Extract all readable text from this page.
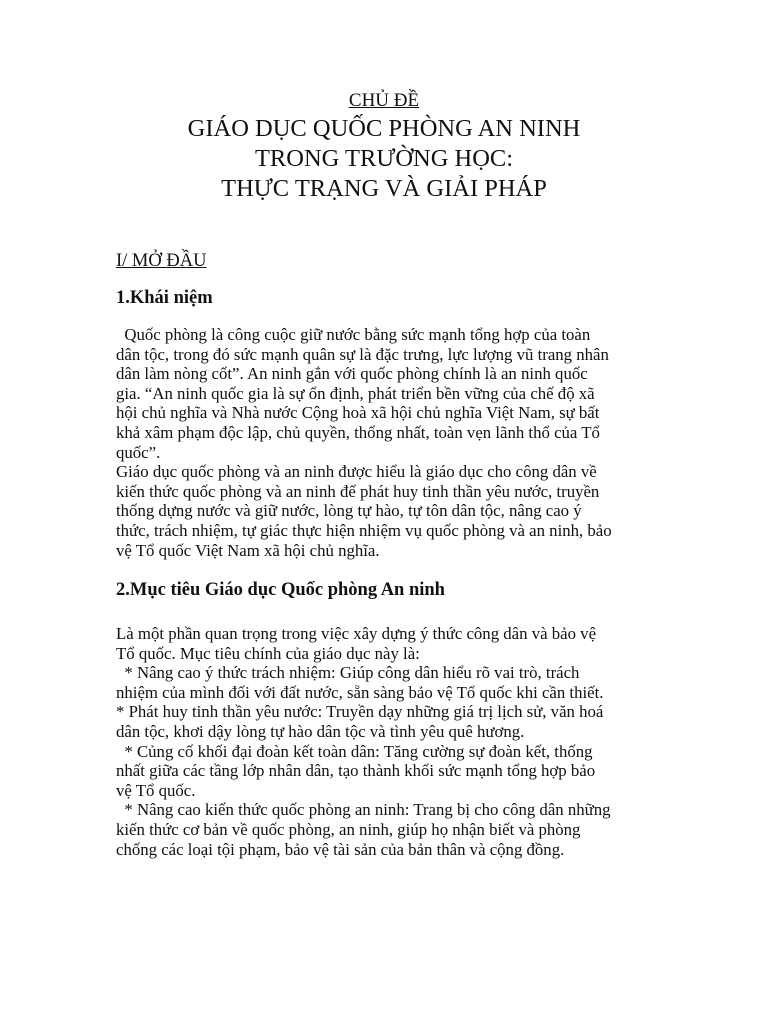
CHỦ ĐỀ
GIÁO DỤC QUỐC PHÒNG AN NINH
TRONG TRƯỜNG HỌC:
THỰC TRẠNG VÀ GIẢI PHÁP
I/ MỞ ĐẦU
1.Khái niệm
Quốc phòng là công cuộc giữ nước bằng sức mạnh tổng hợp của toàn
dân tộc, trong đó sức mạnh quân sự là đặc trưng, lực lượng vũ trang nhân
dân làm nòng cốt”. An ninh gắn với quốc phòng chính là an ninh quốc
gia. “An ninh quốc gia là sự ổn định, phát triển bền vững của chế độ xã
hội chủ nghĩa và Nhà nước Cộng hoà xã hội chủ nghĩa Việt Nam, sự bất
khả xâm phạm độc lập, chủ quyền, thống nhất, toàn vẹn lãnh thổ của Tổ
quốc”.
Giáo dục quốc phòng và an ninh được hiểu là giáo dục cho công dân về
kiến thức quốc phòng và an ninh để phát huy tinh thần yêu nước, truyền
thống dựng nước và giữ nước, lòng tự hào, tự tôn dân tộc, nâng cao ý
thức, trách nhiệm, tự giác thực hiện nhiệm vụ quốc phòng và an ninh, bảo
vệ Tổ quốc Việt Nam xã hội chủ nghĩa.
2.Mục tiêu Giáo dục Quốc phòng An ninh
Là một phần quan trọng trong việc xây dựng ý thức công dân và bảo vệ
Tổ quốc. Mục tiêu chính của giáo dục này là:
* Nâng cao ý thức trách nhiệm: Giúp công dân hiểu rõ vai trò, trách
nhiệm của mình đối với đất nước, sẵn sàng bảo vệ Tổ quốc khi cần thiết.
* Phát huy tinh thần yêu nước: Truyền dạy những giá trị lịch sử, văn hoá
dân tộc, khơi dậy lòng tự hào dân tộc và tình yêu quê hương.
* Củng cố khối đại đoàn kết toàn dân: Tăng cường sự đoàn kết, thống
nhất giữa các tầng lớp nhân dân, tạo thành khối sức mạnh tổng hợp bảo
vệ Tổ quốc.
* Nâng cao kiến thức quốc phòng an ninh: Trang bị cho công dân những
kiến thức cơ bản về quốc phòng, an ninh, giúp họ nhận biết và phòng
chống các loại tội phạm, bảo vệ tài sản của bản thân và cộng đồng.
